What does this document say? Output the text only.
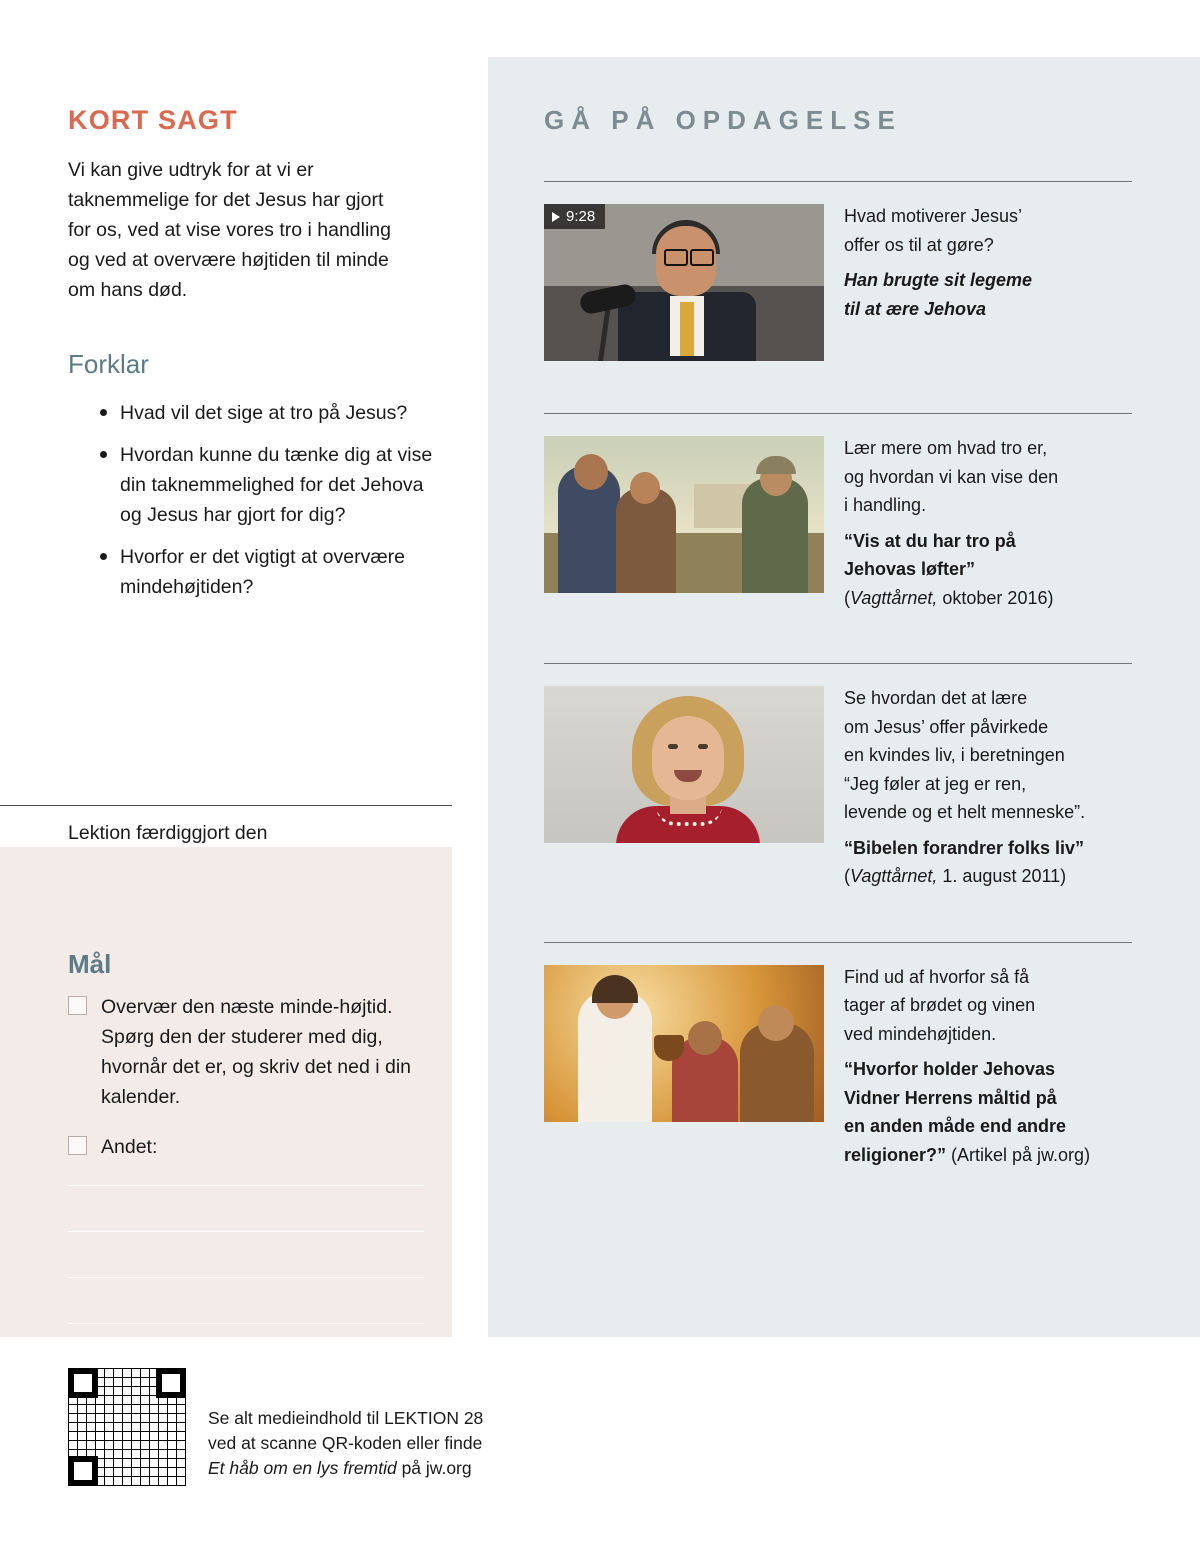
KORT SAGT

Vi kan give udtryk for at vi er taknemmelige for det Jesus har gjort for os, ved at vise vores tro i handling og ved at overvære højtiden til minde om hans død.

Forklar
Hvad vil det sige at tro på Jesus?
Hvordan kunne du tænke dig at vise din taknemmelighed for det Jehova og Jesus har gjort for dig?
Hvorfor er det vigtigt at overvære mindehøjtiden?
Lektion færdiggjort den
Mål
Overvær den næste minde-højtid. Spørg den der studerer med dig, hvornår det er, og skriv det ned i din kalender.
Andet:
GÅ PÅ OPDAGELSE
9:28	Hvad motiverer Jesus’

offer os til at gøre?

Han brugte sit legeme

til at ære Jehova

Lær mere om hvad tro er,

og hvordan vi kan vise den

i handling.

“Vis at du har tro på

Jehovas løfter”

(Vagttårnet, oktober 2016)

Se hvordan det at lære

om Jesus’ offer påvirkede

en kvindes liv, i beretningen

“Jeg føler at jeg er ren,

levende og et helt menneske”.

“Bibelen forandrer folks liv”

(Vagttårnet, 1. august 2011)

Find ud af hvorfor så få

tager af brødet og vinen

ved mindehøjtiden.

“Hvorfor holder Jehovas

Vidner Herrens måltid på

en anden måde end andre

religioner?” (Artikel på jw.org)

Se alt medieindhold til LEKTION 28
ved at scanne QR-koden eller finde
Et håb om en lys fremtid på jw.org
